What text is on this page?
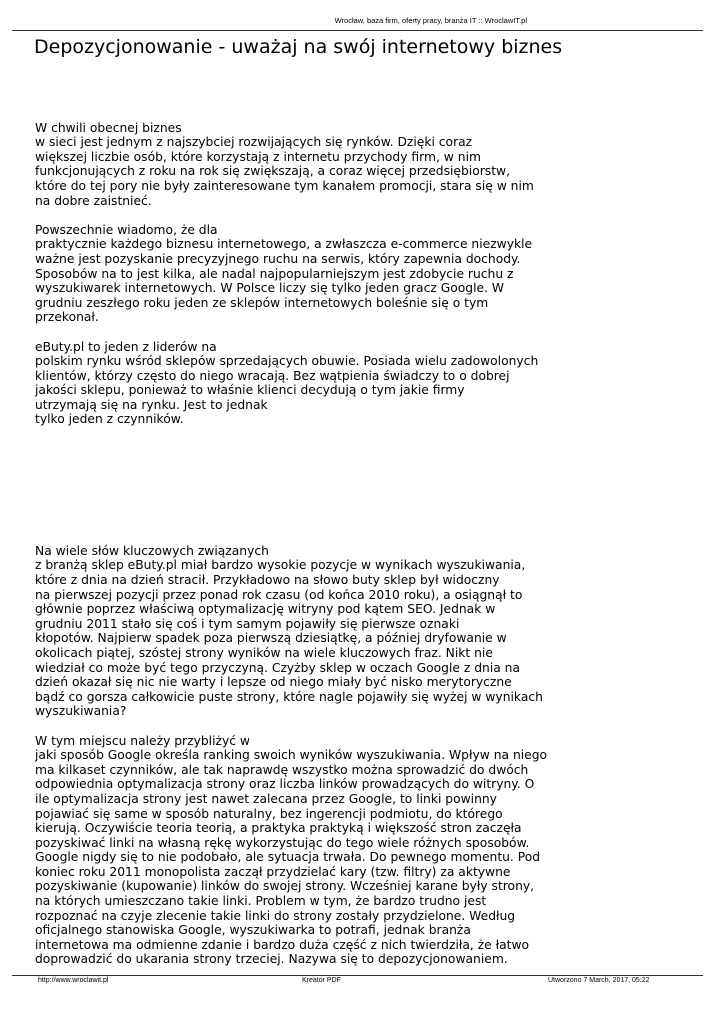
Wrocław, baza firm, oferty pracy, branża IT :: WroclawIT.pl
Depozycjonowanie - uważaj na swój internetowy biznes
W chwili obecnej biznes
w sieci jest jednym z najszybciej rozwijających się rynków. Dzięki coraz
większej liczbie osób, które korzystają z internetu przychody firm, w nim
funkcjonujących z roku na rok się zwiększają, a coraz więcej przedsiębiorstw,
które do tej pory nie były zainteresowane tym kanałem promocji, stara się w nim
na dobre zaistnieć.
Powszechnie wiadomo, że dla
praktycznie każdego biznesu internetowego, a zwłaszcza e-commerce niezwykle
ważne jest pozyskanie precyzyjnego ruchu na serwis, który zapewnia dochody.
Sposobów na to jest kilka, ale nadal najpopularniejszym jest zdobycie ruchu z
wyszukiwarek internetowych. W Polsce liczy się tylko jeden gracz Google. W
grudniu zeszłego roku jeden ze sklepów internetowych boleśnie się o tym
przekonał.
eButy.pl to jeden z liderów na
polskim rynku wśród sklepów sprzedających obuwie. Posiada wielu zadowolonych
klientów, którzy często do niego wracają. Bez wątpienia świadczy to o dobrej
jakości sklepu, ponieważ to właśnie klienci decydują o tym jakie firmy
utrzymają się na rynku. Jest to jednak
tylko jeden z czynników.
Na wiele słów kluczowych związanych
z branżą sklep eButy.pl miał bardzo wysokie pozycje w wynikach wyszukiwania,
które z dnia na dzień stracił. Przykładowo na słowo buty sklep był widoczny
na pierwszej pozycji przez ponad rok czasu (od końca 2010 roku), a osiągnął to
głównie poprzez właściwą optymalizację witryny pod kątem SEO. Jednak w
grudniu 2011 stało się coś i tym samym pojawiły się pierwsze oznaki
kłopotów. Najpierw spadek poza pierwszą dziesiątkę, a później dryfowanie w
okolicach piątej, szóstej strony wyników na wiele kluczowych fraz. Nikt nie
wiedział co może być tego przyczyną. Czyżby sklep w oczach Google z dnia na
dzień okazał się nic nie warty i lepsze od niego miały być nisko merytoryczne
bądź co gorsza całkowicie puste strony, które nagle pojawiły się wyżej w wynikach
wyszukiwania?
W tym miejscu należy przybliżyć w
jaki sposób Google określa ranking swoich wyników wyszukiwania. Wpływ na niego
ma kilkaset czynników, ale tak naprawdę wszystko można sprowadzić do dwóch
odpowiednia optymalizacja strony oraz liczba linków prowadzących do witryny. O
ile optymalizacja strony jest nawet zalecana przez Google, to linki powinny
pojawiać się same w sposób naturalny, bez ingerencji podmiotu, do którego
kierują. Oczywiście teoria teorią, a praktyka praktyką i większość stron zaczęła
pozyskiwać linki na własną rękę wykorzystując do tego wiele różnych sposobów.
Google nigdy się to nie podobało, ale sytuacja trwała. Do pewnego momentu. Pod
koniec roku 2011 monopolista zaczął przydzielać kary (tzw. filtry) za aktywne
pozyskiwanie (kupowanie) linków do swojej strony. Wcześniej karane były strony,
na których umieszczano takie linki. Problem w tym, że bardzo trudno jest
rozpoznać na czyje zlecenie takie linki do strony zostały przydzielone. Według
oficjalnego stanowiska Google, wyszukiwarka to potrafi, jednak branża
internetowa ma odmienne zdanie i bardzo duża część z nich twierdziła, że łatwo
doprowadzić do ukarania strony trzeciej. Nazywa się to depozycjonowaniem.
http://www.wroclawit.pl	Kreator PDF	Utworzono 7 March, 2017, 05:22
